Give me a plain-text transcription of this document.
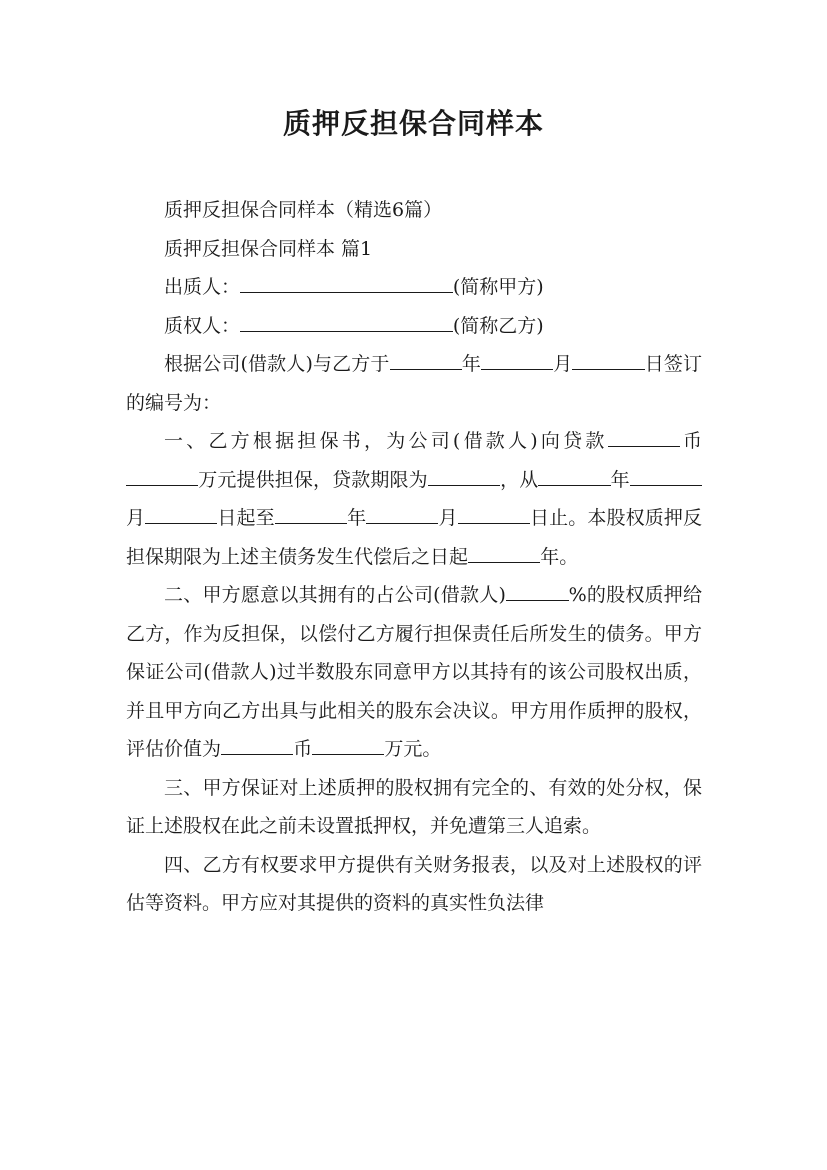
质押反担保合同样本

质押反担保合同样本（精选6篇）

质押反担保合同样本 篇1

出质人：	(简称甲方)

质权人：	(简称乙方)

根据公司(借款人)与乙方于	年	月	日签订的编号为：

一、乙方根据担保书，为公司(借款人)向贷款	币万元提供担保，贷款期限为	，从	年月	日起至	年	月	日止。本股权质押反担保期限为上述主债务发生代偿后之日起	年。

二、甲方愿意以其拥有的占公司(借款人)	%的股权质押给乙方，作为反担保，以偿付乙方履行担保责任后所发生的债务。甲方保证公司(借款人)过半数股东同意甲方以其持有的该公司股权出质，并且甲方向乙方出具与此相关的股东会决议。甲方用作质押的股权，评估价值为	币	万元。

三、甲方保证对上述质押的股权拥有完全的、有效的处分权，保证上述股权在此之前未设置抵押权，并免遭第三人追索。

四、乙方有权要求甲方提供有关财务报表，以及对上述股权的评估等资料。甲方应对其提供的资料的真实性负法律
